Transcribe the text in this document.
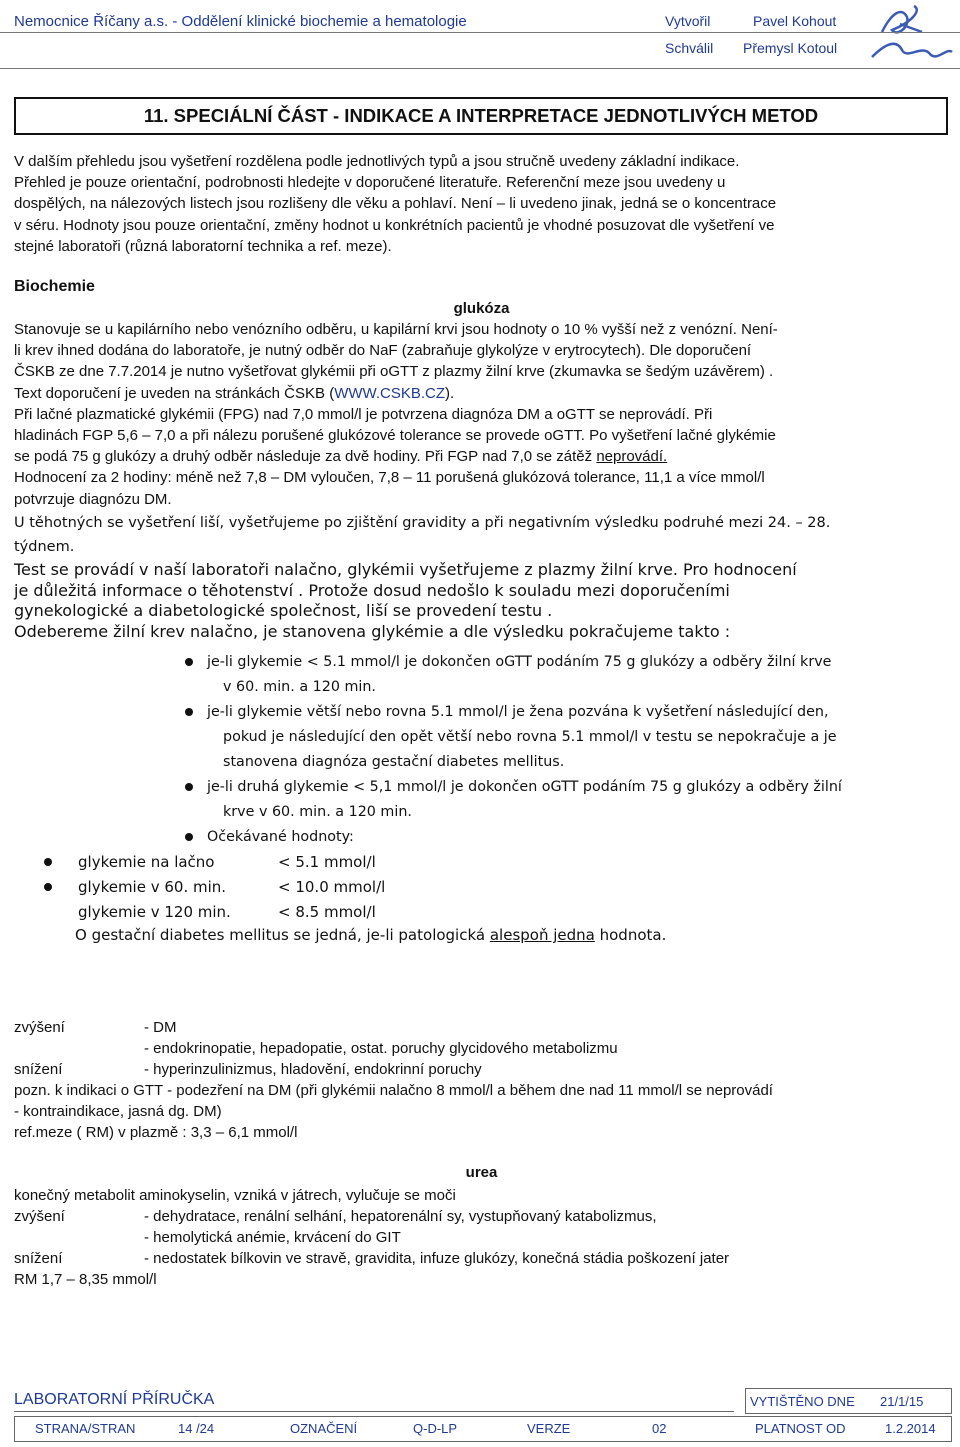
Nemocnice Říčany a.s. - Oddělení klinické biochemie a hematologie	Vytvořil	Pavel Kohout
Schválil Přemysl Kotoul
11. SPECIÁLNÍ ČÁST - INDIKACE A INTERPRETACE JEDNOTLIVÝCH METOD
V dalším přehledu jsou vyšetření rozdělena podle jednotlivých typů a jsou stručně uvedeny základní indikace.
Přehled je pouze orientační, podrobnosti hledejte v doporučené literatuře. Referenční meze jsou uvedeny u
dospělých, na nálezových listech jsou rozlišeny dle věku a pohlaví. Není – li uvedeno jinak, jedná se o koncentrace
v séru. Hodnoty jsou pouze orientační, změny hodnot u konkrétních pacientů je vhodné posuzovat dle vyšetření ve
stejné laboratoři (různá laboratorní technika a ref. meze).
Biochemie
glukóza
Stanovuje se u kapilárního nebo venózního odběru, u kapilární krvi jsou hodnoty o 10 % vyšší než z venózní. Není-
li krev ihned dodána do laboratoře, je nutný odběr do NaF (zabraňuje glykolýze v erytrocytech). Dle doporučení
ČSKB ze dne 7.7.2014 je nutno vyšetřovat glykémii při oGTT z plazmy žilní krve (zkumavka se šedým uzávěrem) .
Text doporučení je uveden na stránkách ČSKB (WWW.CSKB.CZ).
Při lačné plazmatické glykémii (FPG) nad 7,0 mmol/l je potvrzena diagnóza DM a oGTT se neprovádí. Při
hladinách FGP 5,6 – 7,0 a při nálezu porušené glukózové tolerance se provede oGTT. Po vyšetření lačné glykémie
se podá 75 g glukózy a druhý odběr následuje za dvě hodiny. Při FGP nad 7,0 se zátěž neprovádí.
Hodnocení za 2 hodiny: méně než 7,8 – DM vyloučen, 7,8 – 11 porušená glukózová tolerance, 11,1 a více mmol/l
potvrzuje diagnózu DM.
U těhotných se vyšetření liší, vyšetřujeme po zjištění gravidity a při negativním výsledku podruhé mezi 24. – 28.
týdnem.
Test se provádí v naší laboratoři nalačno, glykémii vyšetřujeme z plazmy žilní krve. Pro hodnocení
je důležitá informace o těhotenství . Protože dosud nedošlo k souladu mezi doporučeními
gynekologické a diabetologické společnost, liší se provedení testu .
Odebereme žilní krev nalačno, je stanovena glykémie a dle výsledku pokračujeme takto :
je-li glykemie < 5.1 mmol/l je dokončen oGTT podáním 75 g glukózy a odběry žilní krve
v 60. min. a 120 min.
je-li glykemie větší nebo rovna 5.1 mmol/l je žena pozvána k vyšetření následující den,
pokud je následující den opět větší nebo rovna 5.1 mmol/l v testu se nepokračuje a je
stanovena diagnóza gestační diabetes mellitus.
je-li druhá glykemie < 5,1 mmol/l je dokončen oGTT podáním 75 g glukózy a odběry žilní
krve v 60. min. a 120 min.
Očekávané hodnoty:
glykemie na lačno	< 5.1 mmol/l
glykemie v 60. min.	< 10.0 mmol/l
glykemie v 120 min.	< 8.5 mmol/l
O gestační diabetes mellitus se jedná, je-li patologická alespoň jedna hodnota.
zvýšení	- DM
- endokrinopatie, hepadopatie, ostat. poruchy glycidového metabolizmu
snížení	- hyperinzulinizmus, hladovění, endokrinní poruchy
pozn. k indikaci o GTT - podezření na DM (při glykémii nalačno 8 mmol/l a během dne nad 11 mmol/l se neprovádí
- kontraindikace, jasná dg. DM)
ref.meze ( RM) v plazmě : 3,3 – 6,1 mmol/l
urea
konečný metabolit aminokyselin, vzniká v játrech, vylučuje se moči
zvýšení	- dehydratace, renální selhání, hepatorenální sy, vystupňovaný katabolizmus,
- hemolytická anémie, krvácení do GIT
snížení	- nedostatek bílkovin ve stravě, gravidita, infuze glukózy, konečná stádia poškození jater
RM 1,7 – 8,35 mmol/l
LABORATORNÍ PŘÍRUČKA	VYTIŠTĚNO DNE 21/1/15
STRANA/STRAN	14 /24	OZNAČENÍ	Q-D-LP	VERZE	02	PLATNOST OD	1.2.2014
